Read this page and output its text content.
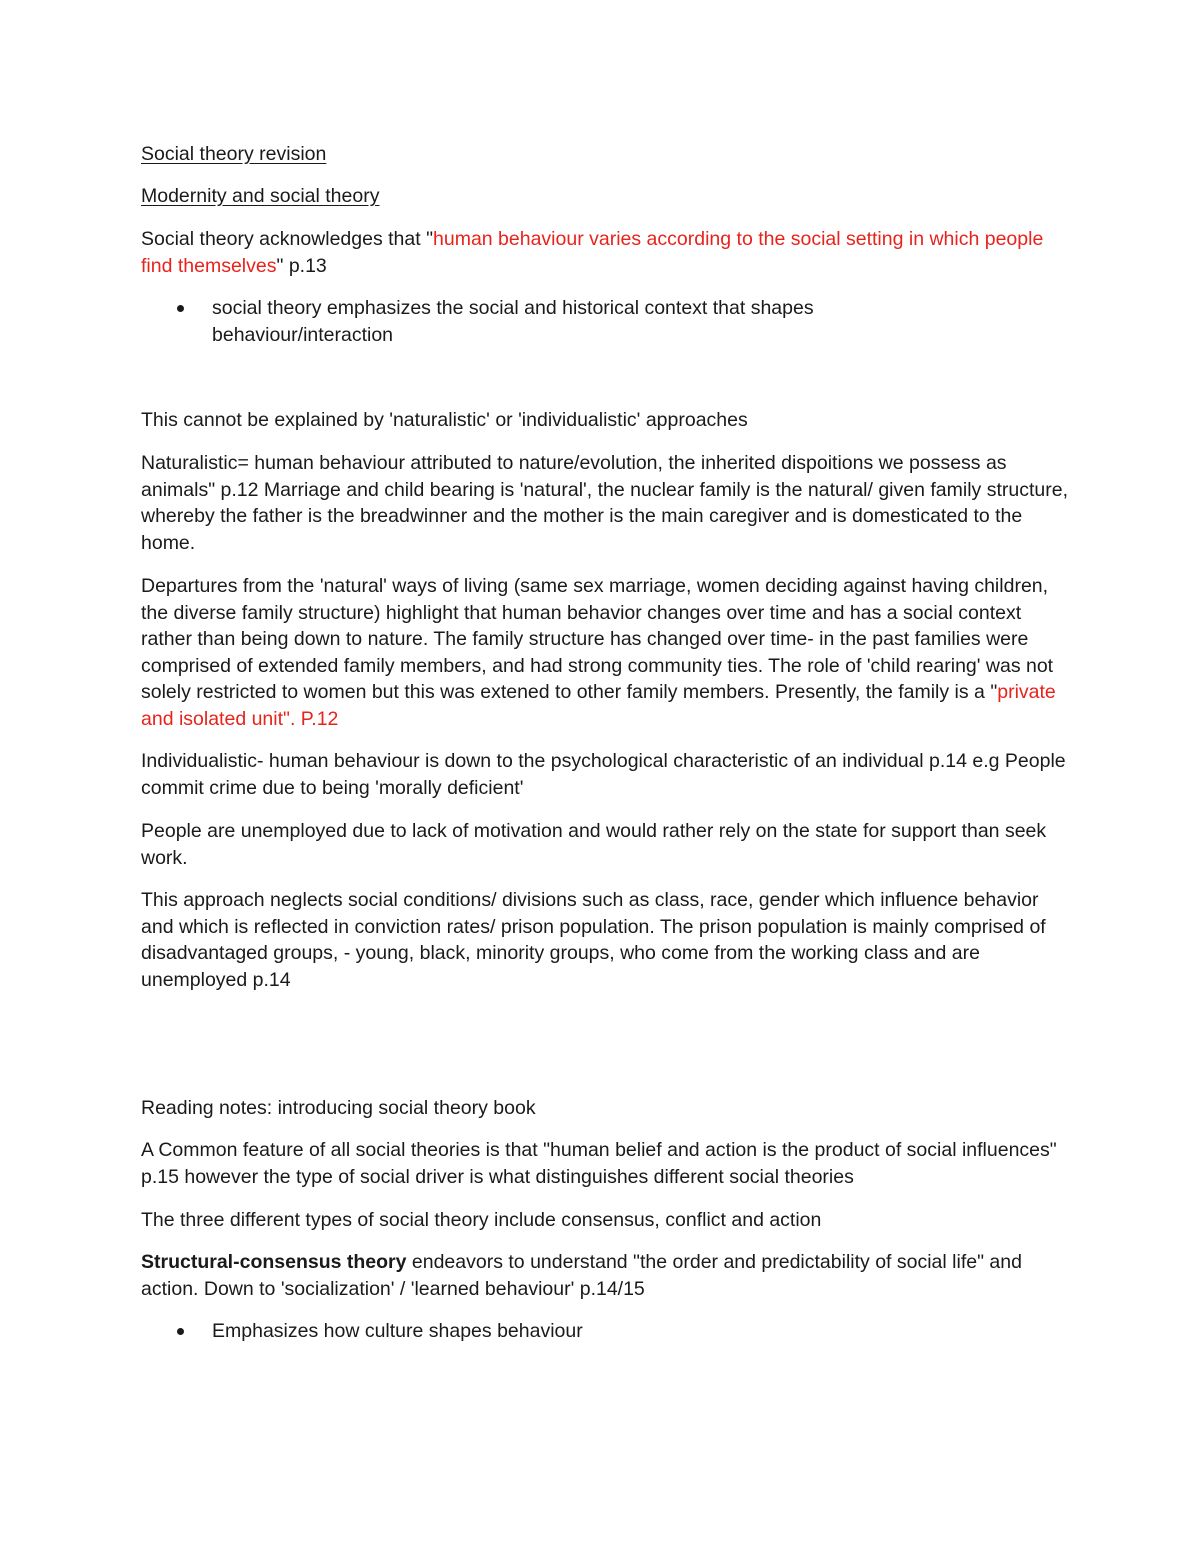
Social theory revision

Modernity and social theory

Social theory acknowledges that "human behaviour varies according to the social setting in which people find themselves" p.13

social theory emphasizes the social and historical context that shapes behaviour/interaction

This cannot be explained by 'naturalistic' or 'individualistic' approaches

Naturalistic= human behaviour attributed to nature/evolution, the inherited dispoitions we possess as animals" p.12 Marriage and child bearing is 'natural', the nuclear family is the natural/ given family structure, whereby the father is the breadwinner and the mother is the main caregiver and is domesticated to the home.

Departures from the 'natural' ways of living (same sex marriage, women deciding against having children, the diverse family structure) highlight that human behavior changes over time and has a social context rather than being down to nature. The family structure has changed over time- in the past families were comprised of extended family members, and had strong community ties. The role of 'child rearing' was not solely restricted to women but this was extened to other family members. Presently, the family is a "private and isolated unit". P.12

Individualistic- human behaviour is down to the psychological characteristic of an individual p.14 e.g People commit crime due to being 'morally deficient'

People are unemployed due to lack of motivation and would rather rely on the state for support than seek work.

This approach neglects social conditions/ divisions such as class, race, gender which influence behavior and which is reflected in conviction rates/ prison population. The prison population is mainly comprised of disadvantaged groups, - young, black, minority groups, who come from the working class and are unemployed p.14

Reading notes: introducing social theory book

A Common feature of all social theories is that "human belief and action is the product of social influences" p.15 however the type of social driver is what distinguishes different social theories

The three different types of social theory include consensus, conflict and action

Structural-consensus theory endeavors to understand "the order and predictability of social life" and action. Down to 'socialization' / 'learned behaviour' p.14/15

Emphasizes how culture shapes behaviour
